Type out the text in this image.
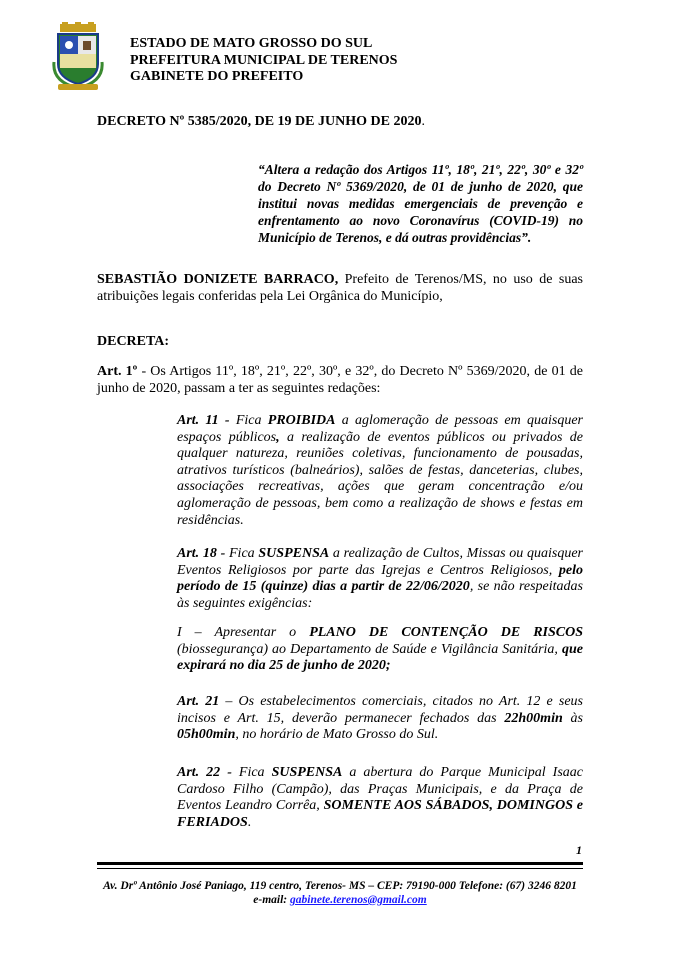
ESTADO DE MATO GROSSO DO SUL
PREFEITURA MUNICIPAL DE TERENOS
GABINETE DO PREFEITO
DECRETO Nº 5385/2020, DE 19 DE JUNHO DE 2020.
“Altera a redação dos Artigos 11º, 18º, 21º, 22º, 30º e 32º do Decreto Nº 5369/2020, de 01 de junho de 2020, que institui novas medidas emergenciais de prevenção e enfrentamento ao novo Coronavírus (COVID-19) no Município de Terenos, e dá outras providências”.
SEBASTIÃO DONIZETE BARRACO, Prefeito de Terenos/MS, no uso de suas atribuições legais conferidas pela Lei Orgânica do Município,
DECRETA:
Art. 1º - Os Artigos 11º, 18º, 21º, 22º, 30º, e 32º, do Decreto Nº 5369/2020, de 01 de junho de 2020, passam a ter as seguintes redações:
Art. 11 - Fica PROIBIDA a aglomeração de pessoas em quaisquer espaços públicos, a realização de eventos públicos ou privados de qualquer natureza, reuniões coletivas, funcionamento de pousadas, atrativos turísticos (balneários), salões de festas, danceterias, clubes, associações recreativas, ações que geram concentração e/ou aglomeração de pessoas, bem como a realização de shows e festas em residências.
Art. 18 - Fica SUSPENSA a realização de Cultos, Missas ou quaisquer Eventos Religiosos por parte das Igrejas e Centros Religiosos, pelo período de 15 (quinze) dias a partir de 22/06/2020, se não respeitadas às seguintes exigências:
I – Apresentar o PLANO DE CONTENÇÃO DE RISCOS (biossegurança) ao Departamento de Saúde e Vigilância Sanitária, que expirará no dia 25 de junho de 2020;
Art. 21 – Os estabelecimentos comerciais, citados no Art. 12 e seus incisos e Art. 15, deverão permanecer fechados das 22h00min às 05h00min, no horário de Mato Grosso do Sul.
Art. 22 - Fica SUSPENSA a abertura do Parque Municipal Isaac Cardoso Filho (Campão), das Praças Municipais, e da Praça de Eventos Leandro Corrêa, SOMENTE AOS SÁBADOS, DOMINGOS e FERIADOS.
1
Av. Drº Antônio José Paniago, 119 centro, Terenos- MS – CEP: 79190-000 Telefone: (67) 3246 8201
e-mail: gabinete.terenos@gmail.com
